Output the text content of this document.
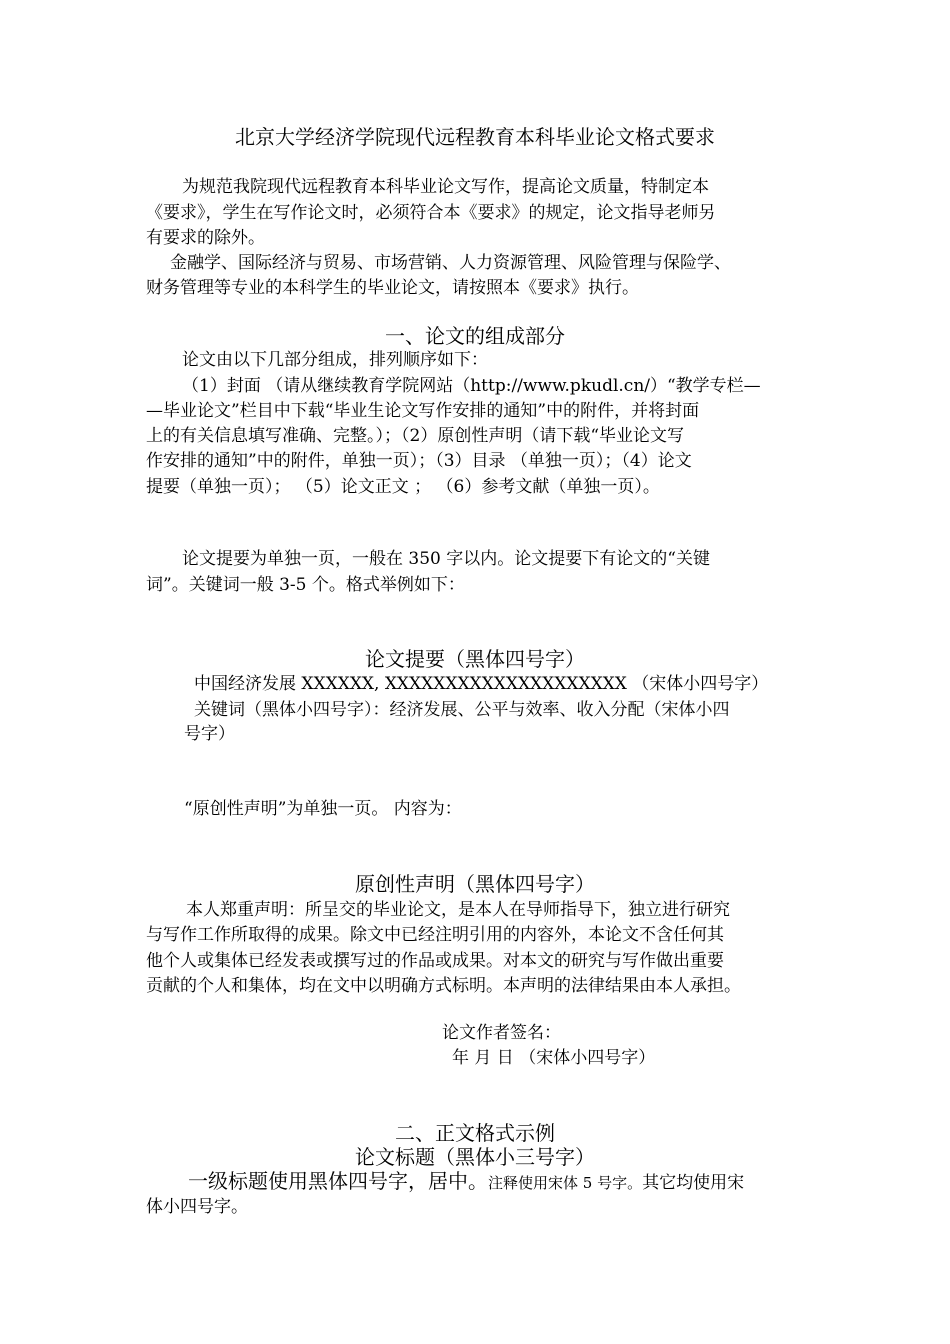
北京大学经济学院现代远程教育本科毕业论文格式要求
为规范我院现代远程教育本科毕业论文写作，提高论文质量，特制定本
《要求》，学生在写作论文时，必须符合本《要求》的规定，论文指导老师另
有要求的除外。
金融学、国际经济与贸易、市场营销、人力资源管理、风险管理与保险学、
财务管理等专业的本科学生的毕业论文，请按照本《要求》执行。
一、论文的组成部分
论文由以下几部分组成，排列顺序如下：
（1）封面 （请从继续教育学院网站（http://www.pkudl.cn/）“教学专栏—
—毕业论文”栏目中下载“毕业生论文写作安排的通知”中的附件，并将封面
上的有关信息填写准确、完整。）；（2）原创性声明（请下载“毕业论文写
作安排的通知”中的附件，单独一页）；（3）目录 （单独一页）；（4）论文
提要（单独一页）； （5）论文正文 ； （6）参考文献（单独一页）。
论文提要为单独一页，一般在 350 字以内。论文提要下有论文的“关键
词”。关键词一般 3-5 个。格式举例如下：
论文提要（黑体四号字）
中国经济发展 XXXXXX, XXXXXXXXXXXXXXXXXXXX （宋体小四号字）
关键词（黑体小四号字）：经济发展、公平与效率、收入分配（宋体小四
号字）
“原创性声明”为单独一页。 内容为：
原创性声明（黑体四号字）
本人郑重声明：所呈交的毕业论文，是本人在导师指导下，独立进行研究
与写作工作所取得的成果。除文中已经注明引用的内容外，本论文不含任何其
他个人或集体已经发表或撰写过的作品或成果。对本文的研究与写作做出重要
贡献的个人和集体，均在文中以明确方式标明。本声明的法律结果由本人承担。
论文作者签名：
年 月 日 （宋体小四号字）
二、正文格式示例
论文标题（黑体小三号字）
一级标题使用黑体四号字，居中。注释使用宋体 5 号字。其它均使用宋
体小四号字。
